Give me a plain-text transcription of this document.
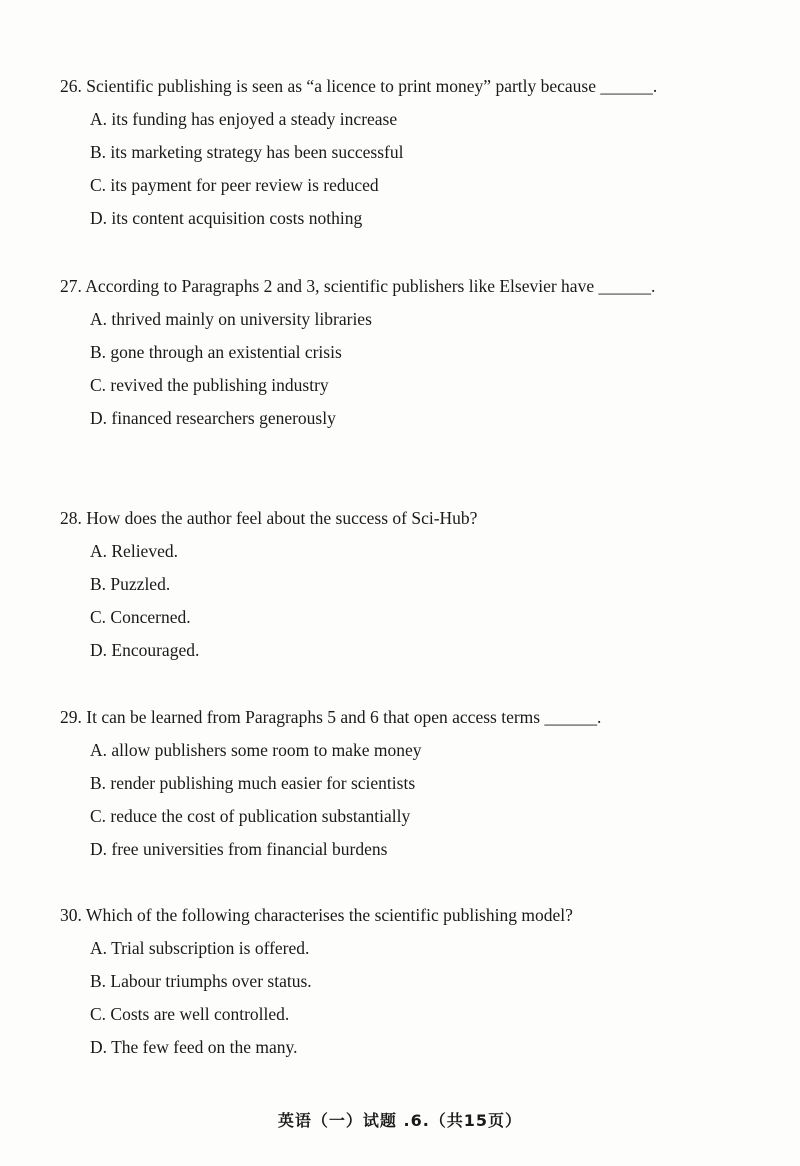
26. Scientific publishing is seen as “a licence to print money” partly because ______.
A. its funding has enjoyed a steady increase
B. its marketing strategy has been successful
C. its payment for peer review is reduced
D. its content acquisition costs nothing
27. According to Paragraphs 2 and 3, scientific publishers like Elsevier have ______.
A. thrived mainly on university libraries
B. gone through an existential crisis
C. revived the publishing industry
D. financed researchers generously
28. How does the author feel about the success of Sci-Hub?
A. Relieved.
B. Puzzled.
C. Concerned.
D. Encouraged.
29. It can be learned from Paragraphs 5 and 6 that open access terms ______.
A. allow publishers some room to make money
B. render publishing much easier for scientists
C. reduce the cost of publication substantially
D. free universities from financial burdens
30. Which of the following characterises the scientific publishing model?
A. Trial subscription is offered.
B. Labour triumphs over status.
C. Costs are well controlled.
D. The few feed on the many.
英语（一）试题 .6.（共15页）
